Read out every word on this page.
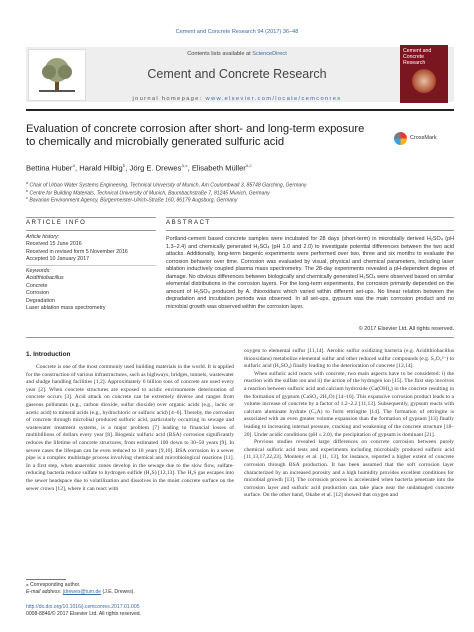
Cement and Concrete Research 94 (2017) 36–48
Contents lists available at ScienceDirect
Cement and Concrete Research
Cement and Concrete Research
journal homepage: www.elsevier.com/locate/cemconres
Evaluation of concrete corrosion after short- and long-term exposure to chemically and microbially generated sulfuric acid	CrossMark
Bettina Huber$^a$, Harald Hilbig$^b$, Jörg E. Drewes$^{a,⁎}$, Elisabeth Müller$^{a,c}$
$^a$ Chair of Urban Water Systems Engineering, Technical University of Munich, Am Coulombwall 3, 85748 Garching, Germany
$^b$ Centre for Building Materials, Technical University of Munich, Baumbachstraße 7, 81245 Munich, Germany
$^c$ Bavarian Environment Agency, Bürgermeister-Ulrich-Straße 160, 86179 Augsburg, Germany
ARTICLE INFO	ABSTRACT
Article history:
Received 15 June 2016
Received in revised form 5 November 2016
Accepted 10 January 2017
Keywords:
Acidithiobacillus
Concrete
Corrosion
Degradation
Laser ablation mass spectrometry
Portland-cement based concrete samples were incubated for 28 days (short-term) in microbially derived H₂SO₄ (pH 1.3–2.4) and chemically generated H₂SO₄ (pH 1.0 and 2.0) to investigate potential differences between the two acid attacks. Additionally, long-term biogenic experiments were performed over two, three and six months to evaluate the corrosion behavior over time. Corrosion was evaluated by visual, physical and chemical parameters, including laser ablation inductively coupled plasma mass spectrometry. The 28-day experiments revealed a pH-dependent degree of damage. No obvious differences between biologically and chemically generated H₂SO₄ were observed based on similar elemental distributions in the corrosion layers. For the long-term experiments, the corrosion primarily depended on the amount of H₂SO₄ produced by A. thiooxidans which varied within different set-ups. No linear relation between the degradation and incubation periods was observed. In all set-ups, gypsum was the main corrosion product and no microbial growth was observed within the corrosion layer.
© 2017 Elsevier Ltd. All rights reserved.
1. Introduction

Concrete is one of the most commonly used building materials in the world. It is applied for the construction of various infrastructures, such as highways, bridges, tunnels, wastewater and sludge handling facilities [1,2]. Approximately 6 billion tons of concrete are used every year [2]. When concrete structures are exposed to acidic environments deterioration of concrete occurs [3]. Acid attack on concrete can be extremely diverse and ranges from gaseous pollutants (e.g., carbon dioxide, sulfur dioxide) over organic acids (e.g., lactic or acetic acid) to mineral acids (e.g., hydrochloric or sulfuric acid) [4–6]. Thereby, the corrosion of concrete through microbial produced sulfuric acid, particularly occurring in sewage and wastewater treatment systems, is a major problem [7] leading to financial losses of multibillions of dollars every year [8]. Biogenic sulfuric acid (BSA) corrosion significantly reduces the lifetime of concrete structures, from estimated 100 down to 30–50 years [9]. In severe cases the lifespan can be even reduced to 10 years [9,10]. BSA corrosion in a sewer pipe is a complex multistage process involving chemical and microbiological reactions [11]. In a first step, when anaerobic zones develop in the sewage due to the slow flow, sulfate-reducing bacteria reduce sulfate to hydrogen sulfide (H₂S) [12,13]. The H₂S gas escapes into the sewer headspace due to volatilization and dissolves in the moist concrete surface on the sewer crown [12], where it can react with

oxygen to elemental sulfur [11,14]. Aerobic sulfur oxidizing bacteria (e.g. Acidithiobacillus thiooxidans) metabolize elemental sulfur and other reduced sulfur compounds (e.g. S₂O₃²⁻) to sulfuric acid (H₂SO₄) finally leading to the deterioration of concrete [12,14].

When sulfuric acid reacts with concrete, two main aspects have to be considered: i) the reaction with the sulfate ion and ii) the action of the hydrogen ion [15]. The first step involves a reaction between sulfuric acid and calcium hydroxide (Ca(OH)₂) in the concrete resulting in the formation of gypsum (CaSO₄·2H₂O) [14–16]. This expansive corrosion product leads to a volume increase of concrete by a factor of 1.2–2.2 [11,13]. Subsequently, gypsum reacts with calcium aluminate hydrate (C₃A) to form ettringite [14]. The formation of ettringite is associated with an even greater volume expansion than the formation of gypsum [13] finally leading to increasing internal pressure, cracking and weakening of the concrete structure [18–20]. Under acidic conditions (pH ≤ 2.0), the precipitation of gypsum is dominant [21].

Previous studies revealed large differences on concrete corrosion between purely chemical sulfuric acid tests and experiments including microbially produced sulfuric acid [11,13,17,22,23]. Monteny et al. [11, 13], for instance, reported a higher extent of concrete corrosion through BSA production. It has been assumed that the soft corrosion layer characterized by an increased porosity and a high humidity provides excellent conditions for microbial growth [13]. The corrosion process is accelerated when bacteria penetrate into the corrosion layer and sulfuric acid production can take place near the undamaged concrete surface. On the other hand, Okabe et al. [12] showed that oxygen and

⁎ Corresponding author.
E-mail address: jdrewes@tum.de (J.E. Drewes).
http://dx.doi.org/10.1016/j.cemconres.2017.01.005
0008-8846/© 2017 Elsevier Ltd. All rights reserved.
